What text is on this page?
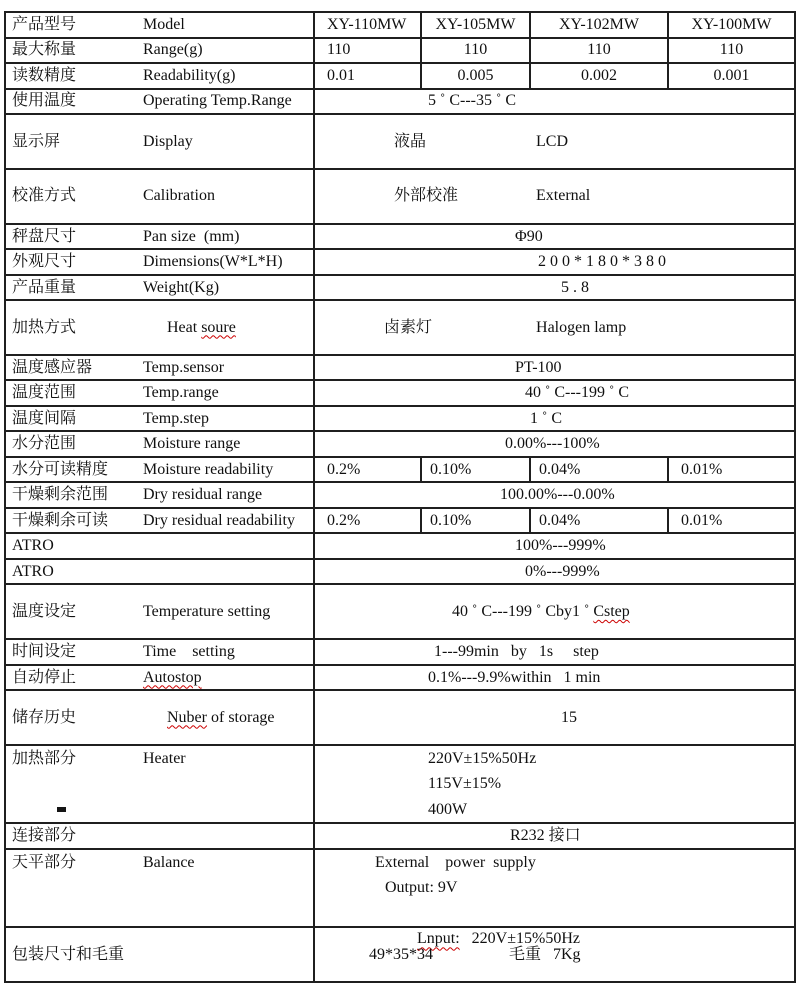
产品型号	Model	XY-110MW	XY-105MW	XY-102MW	XY-100MW
最大称量	Range(g)	110	110	110	110
读数精度	Readability(g)	0.01	0.005	0.002	0.001
使用温度	Operating Temp.Range	5 ˚ C---35 ˚ C			
显示屏	Display	液晶 LCD			

校准方式	Calibration	外部校准 External			

秤盘尺寸	Pan size  (mm)	Φ90			
外观尺寸	Dimensions(W*L*H)	2 0 0 * 1 8 0 * 3 8 0			
产品重量	Weight(Kg)	5 . 8			
加热方式	Heat soure	卤素灯 Halogen lamp			

温度感应器	Temp.sensor	PT-100			
温度范围	Temp.range	40 ˚ C---199 ˚ C			
温度间隔	Temp.step	1 ˚ C			
水分范围	Moisture range	0.00%---100%			
水分可读精度	Moisture readability	0.2%	0.10%	0.04%	0.01%
干燥剩余范围	Dry residual range	100.00%---0.00%			
干燥剩余可读	Dry residual readability	0.2%	0.10%	0.04%	0.01%
ATRO		100%---999%			
ATRO		0%---999%			
温度设定	Temperature setting	40 ˚ C---199 ˚ Cby1 ˚ Cstep			

时间设定	Time    setting	1---99min   by   1s     step			
自动停止	Autostop	0.1%---9.9%within   1 min			
储存历史	Nuber of storage	15			
加热部分	Heater	220V±15%50Hz
115V±15%
400W			

连接部分		R232 接口			
天平部分	Balance	External    power  supply
Output: 9V

Lnput:   220V±15%50Hz			

包装尺寸和毛重		49*35*34 毛重   7Kg			
